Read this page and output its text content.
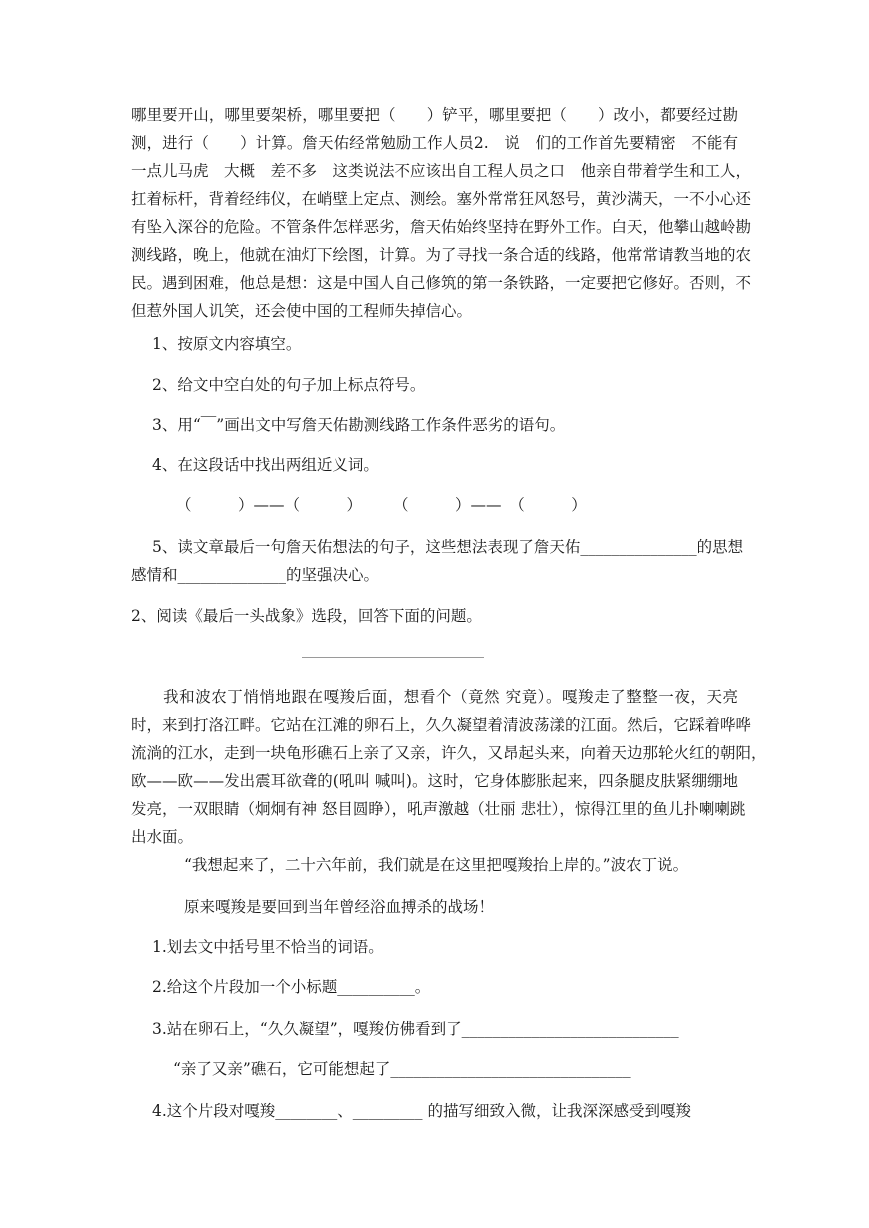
哪里要开山，哪里要架桥，哪里要把（　　）铲平，哪里要把（　　）改小，都要经过勘
测，进行（　　）计算。詹天佑经常勉励工作人员2.　说　们的工作首先要精密　不能有
一点儿马虎　大概　差不多　这类说法不应该出自工程人员之口　他亲自带着学生和工人，
扛着标杆，背着经纬仪，在峭壁上定点、测绘。塞外常常狂风怒号，黄沙满天，一不小心还
有坠入深谷的危险。不管条件怎样恶劣，詹天佑始终坚持在野外工作。白天，他攀山越岭勘
测线路，晚上，他就在油灯下绘图，计算。为了寻找一条合适的线路，他常常请教当地的农
民。遇到困难，他总是想：这是中国人自己修筑的第一条铁路，一定要把它修好。否则，不
但惹外国人讥笑，还会使中国的工程师失掉信心。

1、按原文内容填空。

2、给文中空白处的句子加上标点符号。

3、用“￣”画出文中写詹天佑勘测线路工作条件恶劣的语句。

4、在这段话中找出两组近义词。

（　　　）——（　　　）　　　（　　　）——　（　　　）

5、读文章最后一句詹天佑想法的句子，这些想法表现了詹天佑_______________的思想

感情和______________的坚强决心。

2、阅读《最后一头战象》选段，回答下面的问题。

　　我和波农丁悄悄地跟在嘎羧后面，想看个（竟然 究竟）。嘎羧走了整整一夜，天亮
时，来到打洛江畔。它站在江滩的卵石上，久久凝望着清波荡漾的江面。然后，它踩着哗哗
流淌的江水，走到一块龟形礁石上亲了又亲，许久，又昂起头来，向着天边那轮火红的朝阳，
欧——欧——发出震耳欲聋的(吼叫 喊叫)。这时，它身体膨胀起来，四条腿皮肤紧绷绷地
发亮，一双眼睛（炯炯有神 怒目圆睁），吼声激越（壮丽 悲壮），惊得江里的鱼儿扑喇喇跳
出水面。

“我想起来了，二十六年前，我们就是在这里把嘎羧抬上岸的。”波农丁说。

原来嘎羧是要回到当年曾经浴血搏杀的战场！

1.划去文中括号里不恰当的词语。

2.给这个片段加一个小标题__________。

3.站在卵石上，“久久凝望”，嘎羧仿佛看到了____________________________

“亲了又亲”礁石，它可能想起了_______________________________

4.这个片段对嘎羧________、_________ 的描写细致入微，让我深深感受到嘎羧
